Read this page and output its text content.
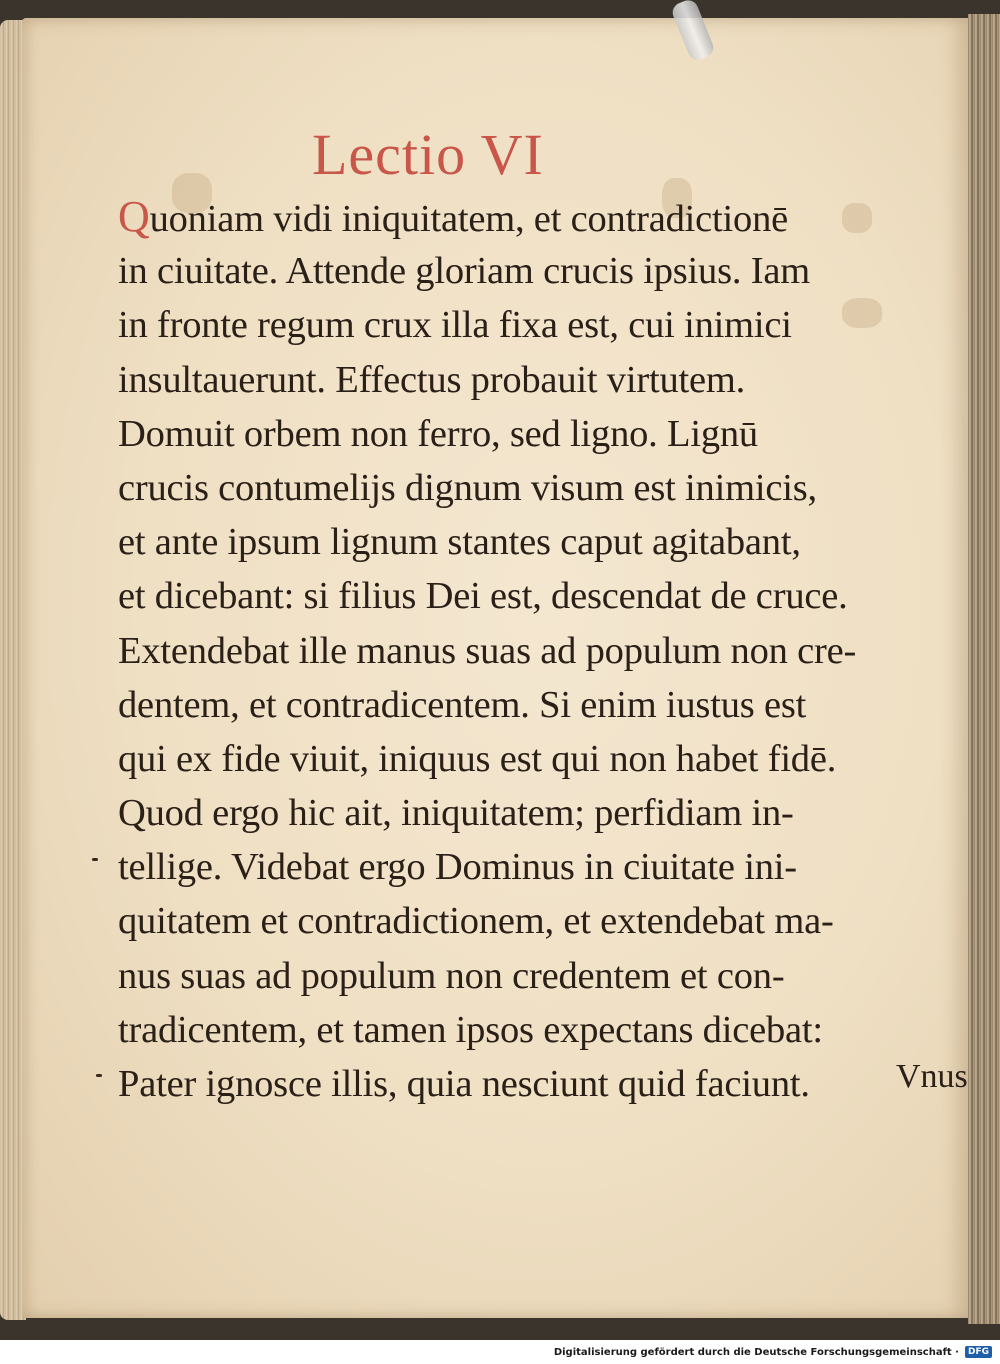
Lectio VI
Quoniam vidi iniquitatem, et contradictionē
in ciuitate. Attende gloriam crucis ipsius. Iam
in fronte regum crux illa fixa est, cui inimici
insultauerunt. Effectus probauit virtutem.
Domuit orbem non ferro, sed ligno. Lignū
crucis contumelijs dignum visum est inimicis,
et ante ipsum lignum stantes caput agitabant,
et dicebant: si filius Dei est, descendat de cruce.
Extendebat ille manus suas ad populum non cre-
dentem, et contradicentem. Si enim iustus est
qui ex fide viuit, iniquus est qui non habet fidē.
Quod ergo hic ait, iniquitatem; perfidiam in-
tellige. Videbat ergo Dominus in ciuitate ini-
quitatem et contradictionem, et extendebat ma-
nus suas ad populum non credentem et con-
tradicentem, et tamen ipsos expectans dicebat:
Pater ignosce illis, quia nesciunt quid faciunt.	Vnus
Digitalisierung gefördert durch die Deutsche Forschungsgemeinschaft ·	DFG
